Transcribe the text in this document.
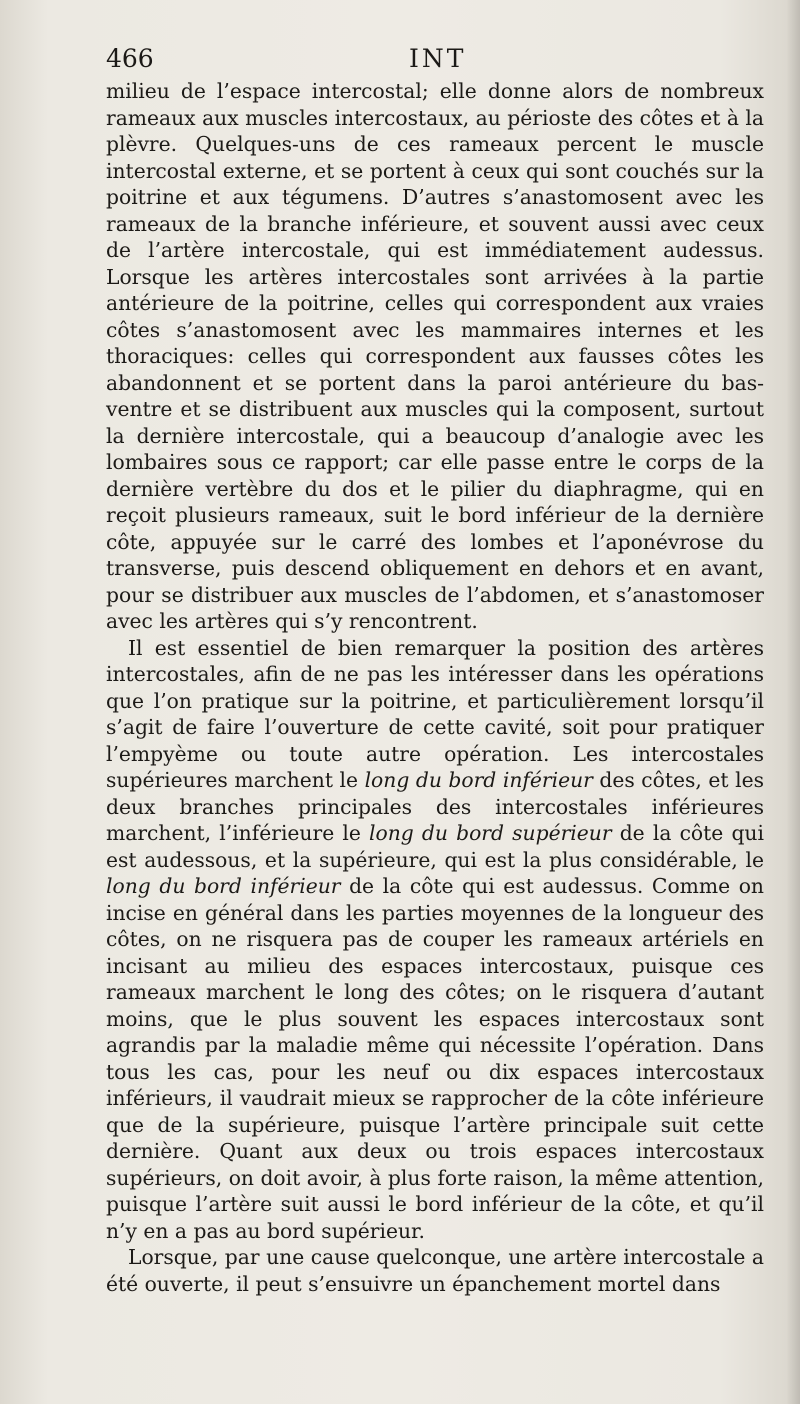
466	INT

milieu de l’espace intercostal; elle donne alors de nombreux rameaux aux muscles intercostaux, au périoste des côtes et à la plèvre. Quelques-uns de ces rameaux percent le muscle intercostal externe, et se portent à ceux qui sont couchés sur la poitrine et aux tégumens. D’autres s’anastomosent avec les rameaux de la branche inférieure, et souvent aussi avec ceux de l’artère intercostale, qui est immédiatement audessus. Lorsque les artères intercostales sont arrivées à la partie antérieure de la poitrine, celles qui correspondent aux vraies côtes s’anastomosent avec les mammaires internes et les thoraciques: celles qui correspondent aux fausses côtes les abandonnent et se portent dans la paroi antérieure du bas-ventre et se distribuent aux muscles qui la composent, surtout la dernière intercostale, qui a beaucoup d’analogie avec les lombaires sous ce rapport; car elle passe entre le corps de la dernière vertèbre du dos et le pilier du diaphragme, qui en reçoit plusieurs rameaux, suit le bord inférieur de la dernière côte, appuyée sur le carré des lombes et l’aponévrose du transverse, puis descend obliquement en dehors et en avant, pour se distribuer aux muscles de l’abdomen, et s’anastomoser avec les artères qui s’y rencontrent.

Il est essentiel de bien remarquer la position des artères intercostales, afin de ne pas les intéresser dans les opérations que l’on pratique sur la poitrine, et particulièrement lorsqu’il s’agit de faire l’ouverture de cette cavité, soit pour pratiquer l’empyème ou toute autre opération. Les intercostales supérieures marchent le long du bord inférieur des côtes, et les deux branches principales des intercostales inférieures marchent, l’inférieure le long du bord supérieur de la côte qui est audessous, et la supérieure, qui est la plus considérable, le long du bord inférieur de la côte qui est audessus. Comme on incise en général dans les parties moyennes de la longueur des côtes, on ne risquera pas de couper les rameaux artériels en incisant au milieu des espaces intercostaux, puisque ces rameaux marchent le long des côtes; on le risquera d’autant moins, que le plus souvent les espaces intercostaux sont agrandis par la maladie même qui nécessite l’opération. Dans tous les cas, pour les neuf ou dix espaces intercostaux inférieurs, il vaudrait mieux se rapprocher de la côte inférieure que de la supérieure, puisque l’artère principale suit cette dernière. Quant aux deux ou trois espaces intercostaux supérieurs, on doit avoir, à plus forte raison, la même attention, puisque l’artère suit aussi le bord inférieur de la côte, et qu’il n’y en a pas au bord supérieur.

Lorsque, par une cause quelconque, une artère intercostale a été ouverte, il peut s’ensuivre un épanchement mortel dans
